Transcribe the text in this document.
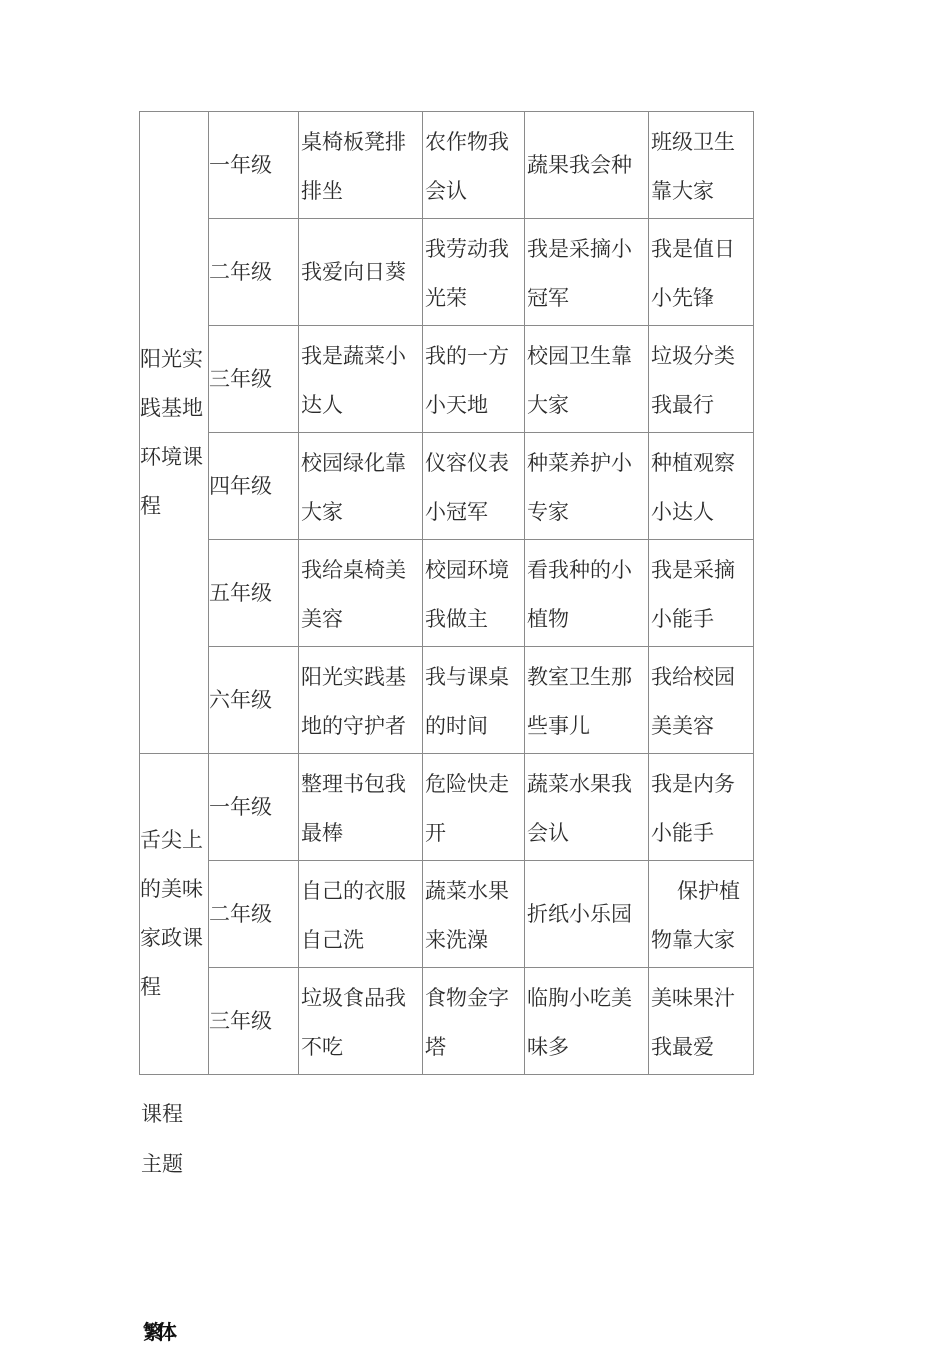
阳光实践基地环境课程	一年级	桌椅板凳排排坐	农作物我会认	蔬果我会种	班级卫生靠大家

	二年级	我爱向日葵	我劳动我光荣	我是采摘小冠军	我是值日小先锋

	三年级	我是蔬菜小达人	我的一方小天地	校园卫生靠大家	垃圾分类我最行

	四年级	校园绿化靠大家	仪容仪表小冠军	种菜养护小专家	种植观察小达人

	五年级	我给桌椅美美容	校园环境我做主	看我种的小植物	我是采摘小能手

	六年级	阳光实践基地的守护者	我与课桌的时间	教室卫生那些事儿	我给校园美美容

舌尖上的美味家政课程	一年级	整理书包我最棒	危险快走开	蔬菜水果我会认	我是内务小能手

	二年级	自己的衣服自己洗	蔬菜水果来洗澡	折纸小乐园	保护植物靠大家

	三年级	垃圾食品我不吃	食物金字塔	临朐小吃美味多	美味果汁我最爱
课程
主题
繁体
